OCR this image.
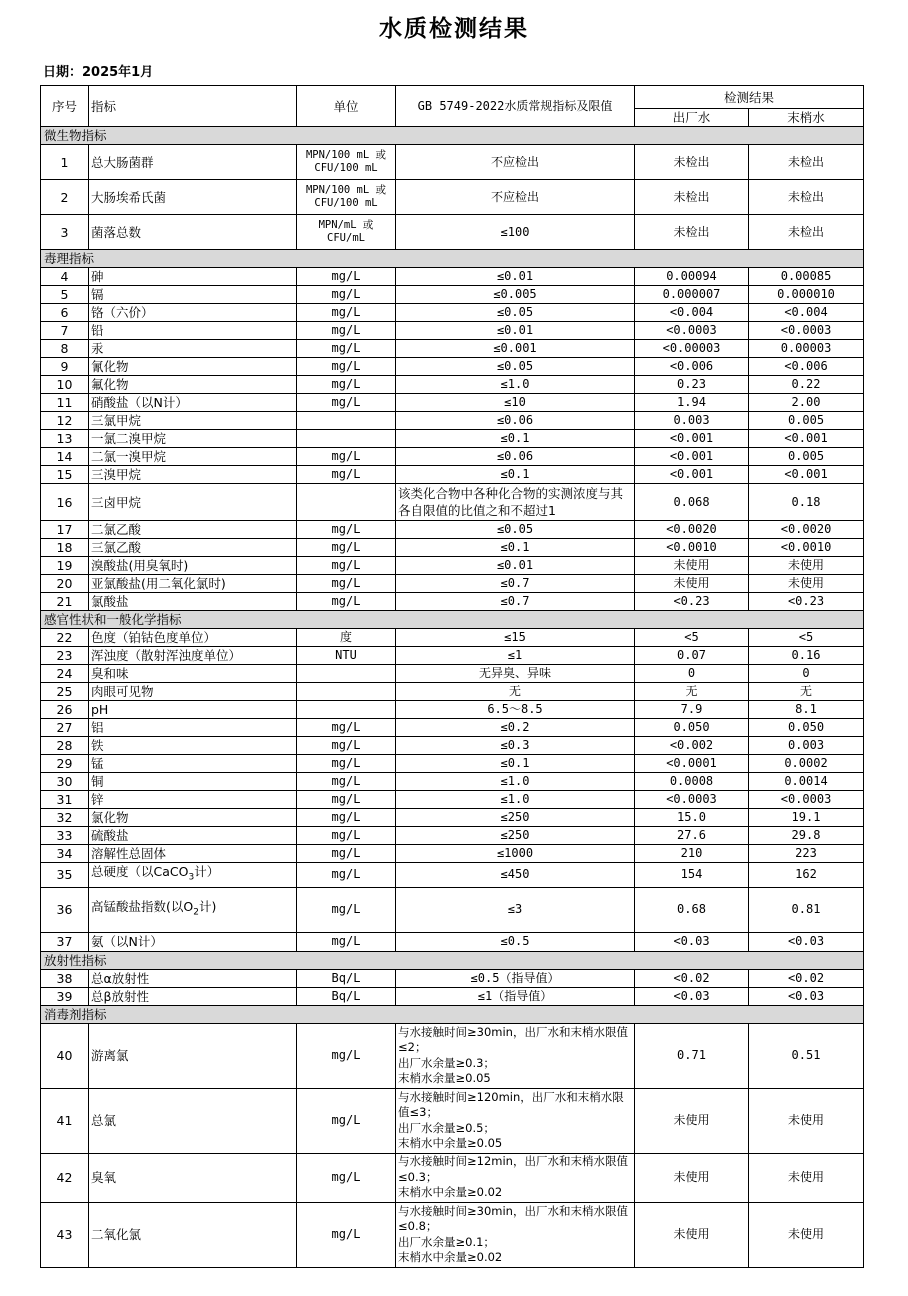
水质检测结果
日期：2025年1月
序号	指标	单位	GB 5749-2022水质常规指标及限值	检测结果	
				出厂水	末梢水
微生物指标					
1	总大肠菌群	MPN/100 mL 或 CFU/100 mL	不应检出	未检出	未检出
2	大肠埃希氏菌	MPN/100 mL 或 CFU/100 mL	不应检出	未检出	未检出
3	菌落总数	MPN/mL 或 CFU/mL	≤100	未检出	未检出
毒理指标					
4	砷	mg/L	≤0.01	0.00094	0.00085
5	镉	mg/L	≤0.005	0.000007	0.000010
6	铬（六价）	mg/L	≤0.05	<0.004	<0.004
7	铅	mg/L	≤0.01	<0.0003	<0.0003
8	汞	mg/L	≤0.001	<0.00003	0.00003
9	氰化物	mg/L	≤0.05	<0.006	<0.006
10	氟化物	mg/L	≤1.0	0.23	0.22
11	硝酸盐（以N计）	mg/L	≤10	1.94	2.00
12	三氯甲烷		≤0.06	0.003	0.005
13	一氯二溴甲烷		≤0.1	<0.001	<0.001
14	二氯一溴甲烷	mg/L	≤0.06	<0.001	0.005
15	三溴甲烷	mg/L	≤0.1	<0.001	<0.001
16	三卤甲烷		该类化合物中各种化合物的实测浓度与其各自限值的比值之和不超过1	0.068	0.18
17	二氯乙酸	mg/L	≤0.05	<0.0020	<0.0020
18	三氯乙酸	mg/L	≤0.1	<0.0010	<0.0010
19	溴酸盐(用臭氧时)	mg/L	≤0.01	未使用	未使用
20	亚氯酸盐(用二氧化氯时)	mg/L	≤0.7	未使用	未使用
21	氯酸盐	mg/L	≤0.7	<0.23	<0.23
感官性状和一般化学指标					
22	色度（铂钴色度单位）	度	≤15	<5	<5
23	浑浊度（散射浑浊度单位）	NTU	≤1	0.07	0.16
24	臭和味		无异臭、异味	0	0
25	肉眼可见物		无	无	无
26	pH		6.5～8.5	7.9	8.1
27	铝	mg/L	≤0.2	0.050	0.050
28	铁	mg/L	≤0.3	<0.002	0.003
29	锰	mg/L	≤0.1	<0.0001	0.0002
30	铜	mg/L	≤1.0	0.0008	0.0014
31	锌	mg/L	≤1.0	<0.0003	<0.0003
32	氯化物	mg/L	≤250	15.0	19.1
33	硫酸盐	mg/L	≤250	27.6	29.8
34	溶解性总固体	mg/L	≤1000	210	223
35	总硬度（以CaCO$_3$计）	mg/L	≤450	154	162
36	高锰酸盐指数(以$O_2$计)	mg/L	≤3	0.68	0.81
37	氨（以N计）	mg/L	≤0.5	<0.03	<0.03
放射性指标					
38	总α放射性	Bq/L	≤0.5（指导值）	<0.02	<0.02
39	总β放射性	Bq/L	≤1（指导值）	<0.03	<0.03
消毒剂指标					
40	游离氯	mg/L	与水接触时间≥30min，出厂水和末梢水限值≤2；
出厂水余量≥0.3；
末梢水余量≥0.05	0.71	0.51
41	总氯	mg/L	与水接触时间≥120min，出厂水和末梢水限值≤3；
出厂水余量≥0.5；
末梢水中余量≥0.05	未使用	未使用
42	臭氧	mg/L	与水接触时间≥12min，出厂水和末梢水限值≤0.3；
末梢水中余量≥0.02	未使用	未使用
43	二氧化氯	mg/L	与水接触时间≥30min，出厂水和末梢水限值≤0.8；
出厂水余量≥0.1；
末梢水中余量≥0.02	未使用	未使用
